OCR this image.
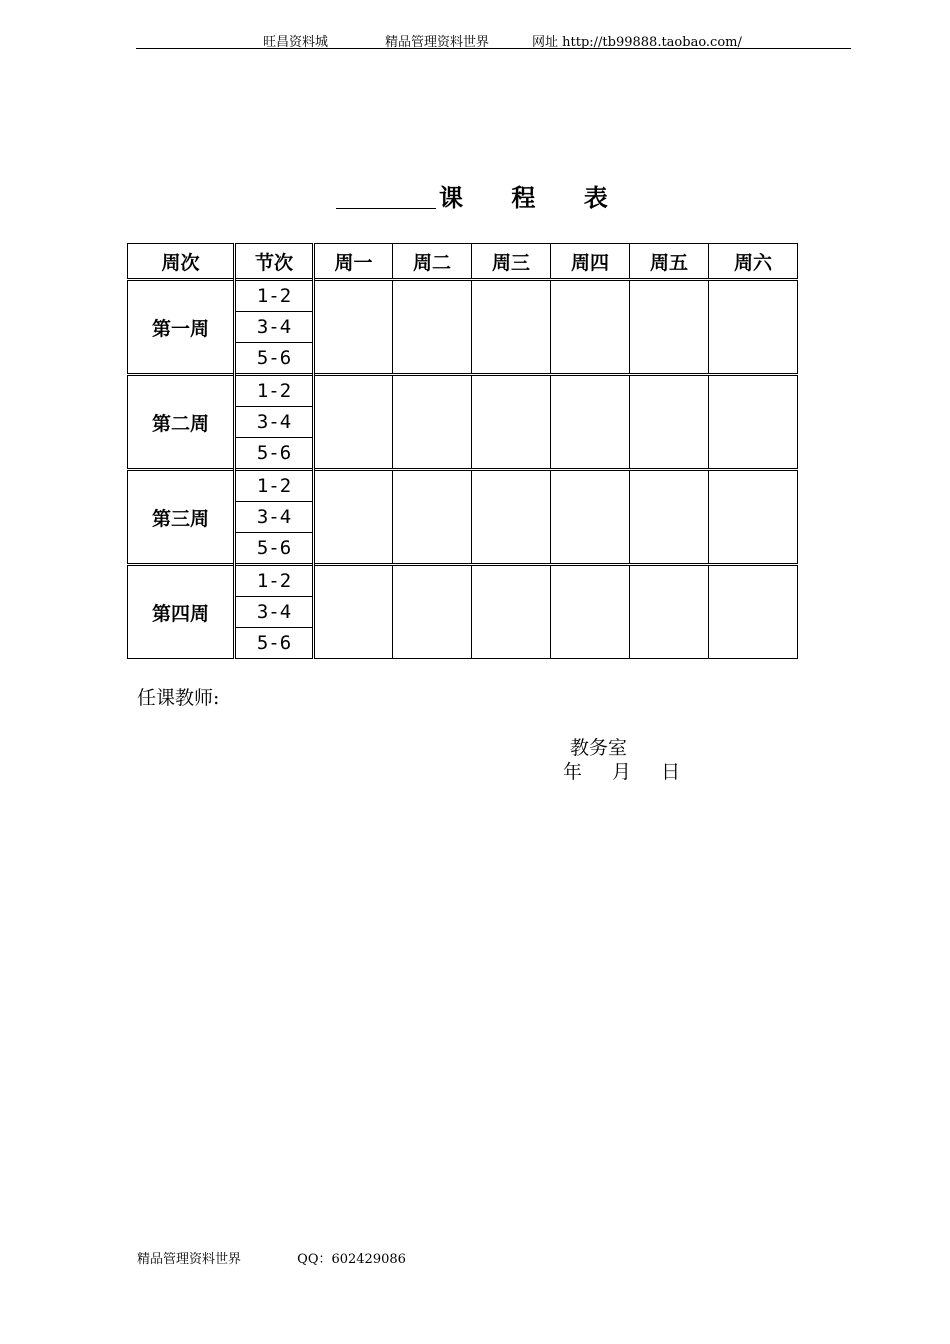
旺昌资料城	精品管理资料世界	网址 http://tb99888.taobao.com/
课 程 表
周次	节次	周一	周二	周三	周四	周五	周六
第一周	1-2						
	3-4						
	5-6						
第二周	1-2						
	3-4						
	5-6						
第三周	1-2						
	3-4						
	5-6						
第四周	1-2						
	3-4						
	5-6						
任课教师:
教务室
年 月 日
精品管理资料世界	QQ：602429086
